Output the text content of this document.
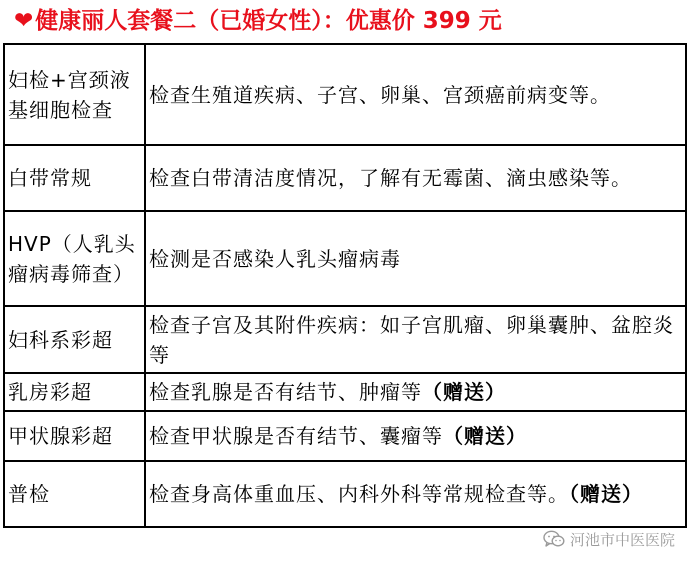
❤健康丽人套餐二（已婚女性）：优惠价 399 元
妇检+宫颈液基细胞检查	检查生殖道疾病、子宫、卵巢、宫颈癌前病变等。
白带常规	检查白带清洁度情况，了解有无霉菌、滴虫感染等。
HVP（人乳头瘤病毒筛查）	检测是否感染人乳头瘤病毒
妇科系彩超	检查子宫及其附件疾病：如子宫肌瘤、卵巢囊肿、盆腔炎等
乳房彩超	检查乳腺是否有结节、肿瘤等（赠送）
甲状腺彩超	检查甲状腺是否有结节、囊瘤等（赠送）
普检	检查身高体重血压、内科外科等常规检查等。（赠送）
河池市中医医院
